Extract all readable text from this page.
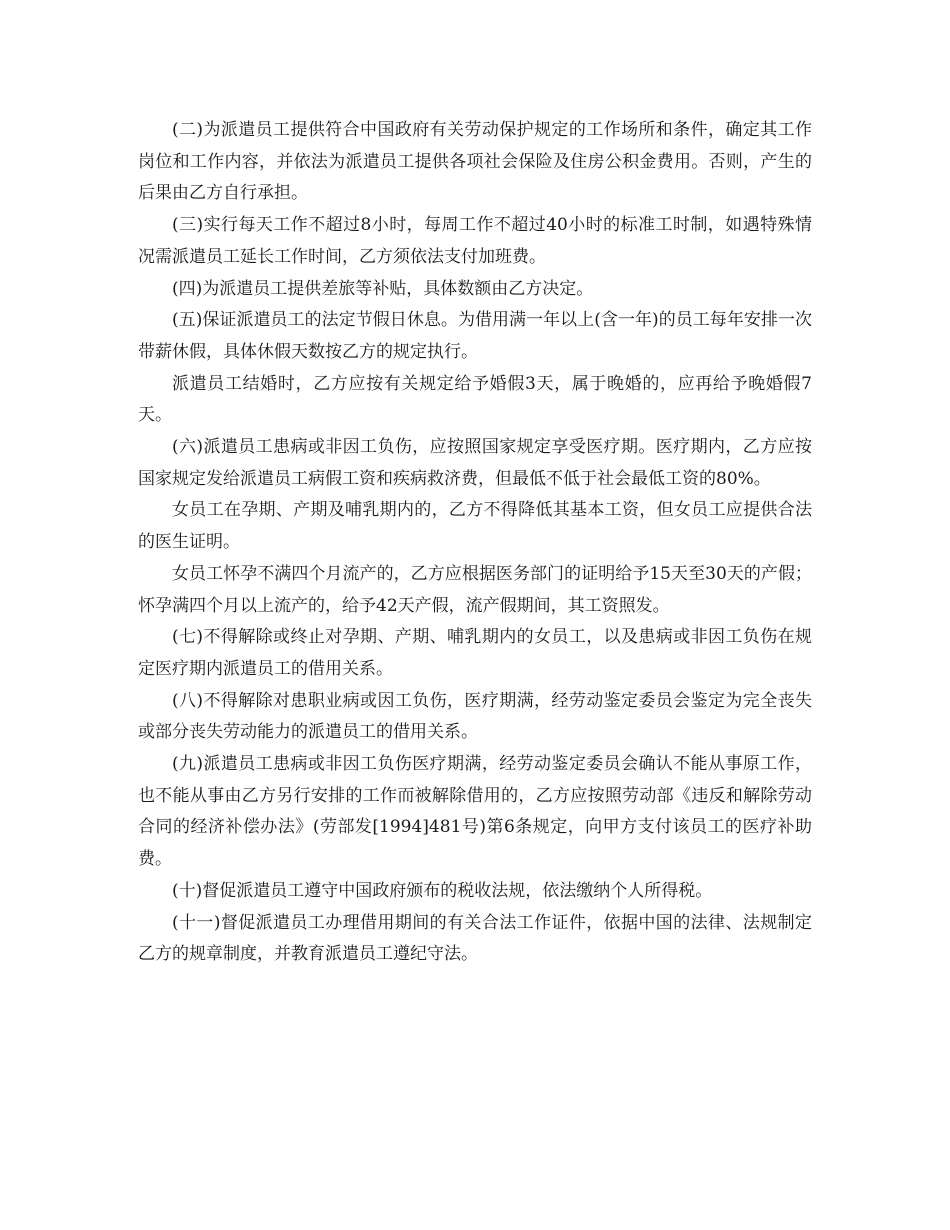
(二)为派遣员工提供符合中国政府有关劳动保护规定的工作场所和条件，确定其工作岗位和工作内容，并依法为派遣员工提供各项社会保险及住房公积金费用。否则，产生的后果由乙方自行承担。

(三)实行每天工作不超过8小时，每周工作不超过40小时的标准工时制，如遇特殊情况需派遣员工延长工作时间，乙方须依法支付加班费。

(四)为派遣员工提供差旅等补贴，具体数额由乙方决定。

(五)保证派遣员工的法定节假日休息。为借用满一年以上(含一年)的员工每年安排一次带薪休假，具体休假天数按乙方的规定执行。

派遣员工结婚时，乙方应按有关规定给予婚假3天，属于晚婚的，应再给予晚婚假7天。

(六)派遣员工患病或非因工负伤，应按照国家规定享受医疗期。医疗期内，乙方应按国家规定发给派遣员工病假工资和疾病救济费，但最低不低于社会最低工资的80%。

女员工在孕期、产期及哺乳期内的，乙方不得降低其基本工资，但女员工应提供合法的医生证明。

女员工怀孕不满四个月流产的，乙方应根据医务部门的证明给予15天至30天的产假；怀孕满四个月以上流产的，给予42天产假，流产假期间，其工资照发。

(七)不得解除或终止对孕期、产期、哺乳期内的女员工，以及患病或非因工负伤在规定医疗期内派遣员工的借用关系。

(八)不得解除对患职业病或因工负伤，医疗期满，经劳动鉴定委员会鉴定为完全丧失或部分丧失劳动能力的派遣员工的借用关系。

(九)派遣员工患病或非因工负伤医疗期满，经劳动鉴定委员会确认不能从事原工作，也不能从事由乙方另行安排的工作而被解除借用的，乙方应按照劳动部《违反和解除劳动合同的经济补偿办法》(劳部发[1994]481号)第6条规定，向甲方支付该员工的医疗补助费。

(十)督促派遣员工遵守中国政府颁布的税收法规，依法缴纳个人所得税。

(十一)督促派遣员工办理借用期间的有关合法工作证件，依据中国的法律、法规制定乙方的规章制度，并教育派遣员工遵纪守法。
